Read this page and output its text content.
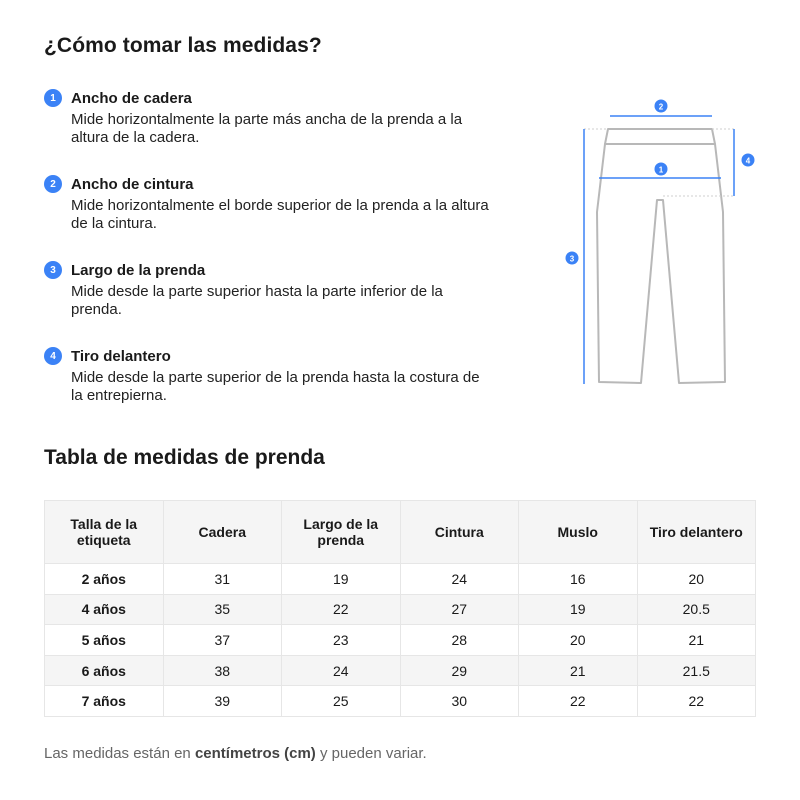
¿Cómo tomar las medidas?
1	Ancho de cadera
Mide horizontalmente la parte más ancha de la prenda a la altura de la cadera.
2	Ancho de cintura
Mide horizontalmente el borde superior de la prenda a la altura de la cintura.
3	Largo de la prenda
Mide desde la parte superior hasta la parte inferior de la prenda.
4	Tiro delantero
Mide desde la parte superior de la prenda hasta la costura de la entrepierna.
2
1
3
4
Tabla de medidas de prenda
Talla de la etiqueta	Cadera	Largo de la prenda	Cintura	Muslo	Tiro delantero
2 años	31	19	24	16	20
4 años	35	22	27	19	20.5
5 años	37	23	28	20	21
6 años	38	24	29	21	21.5
7 años	39	25	30	22	22
Las medidas están en centímetros (cm) y pueden variar.
